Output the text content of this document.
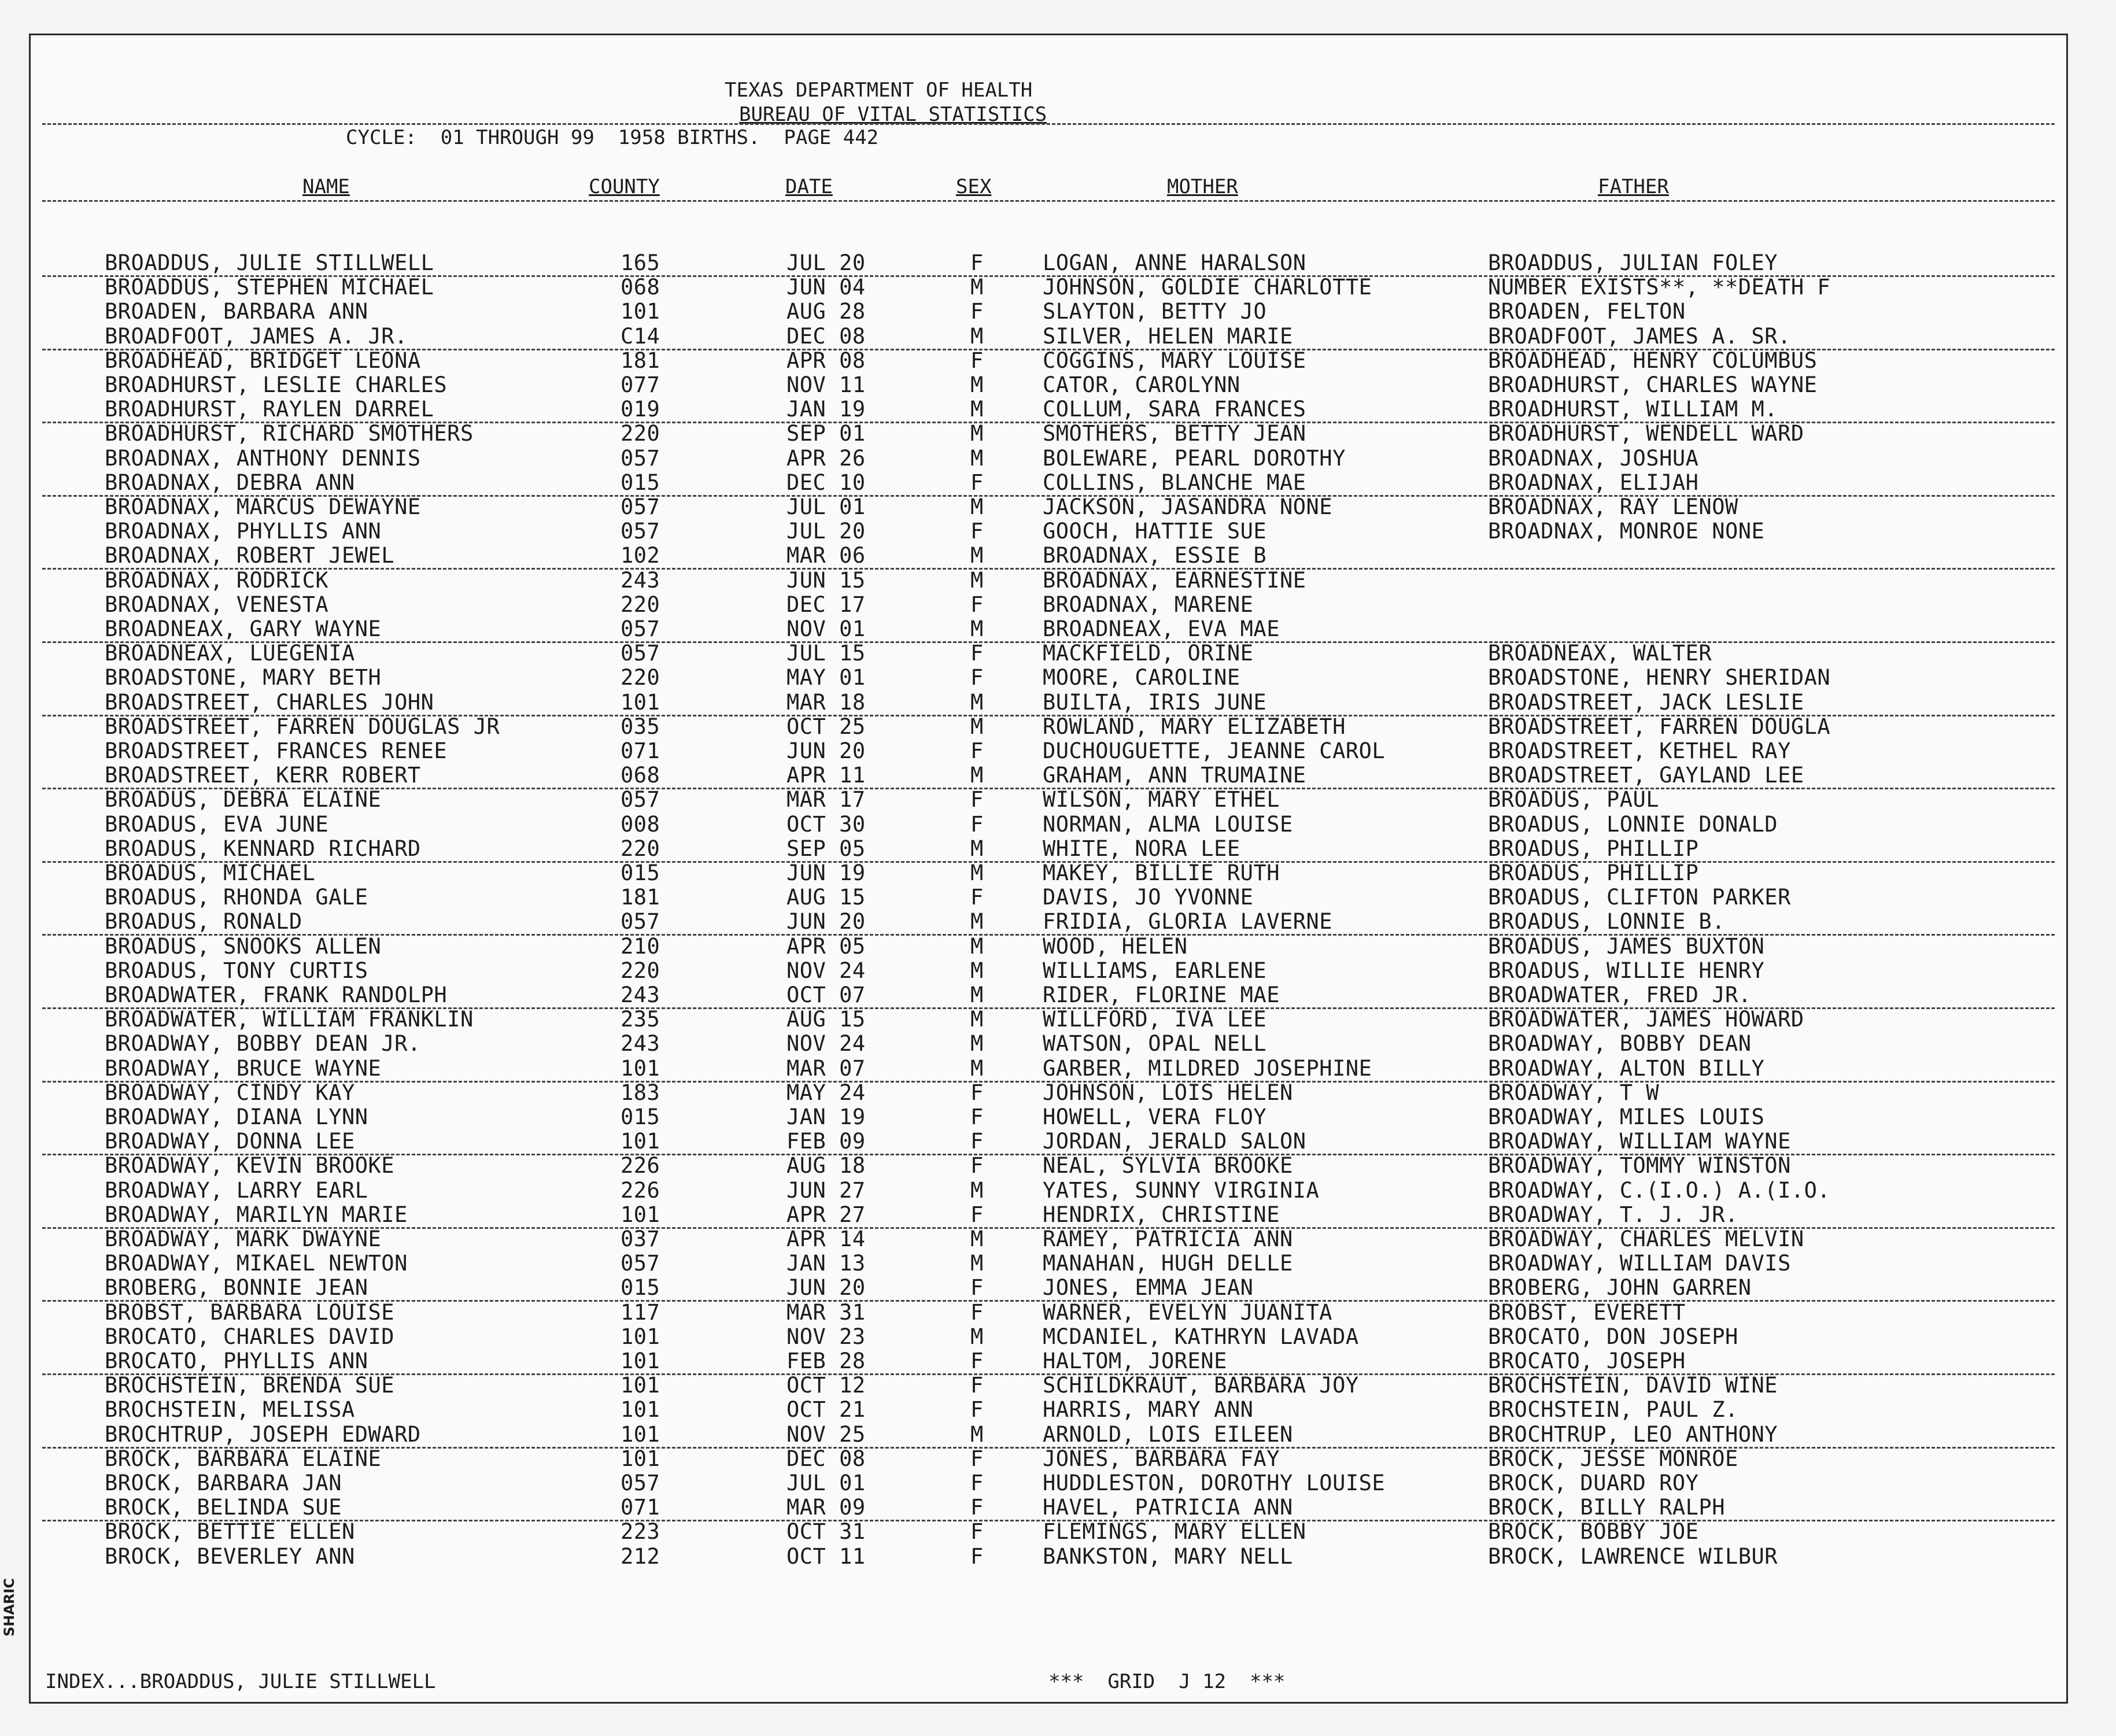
TEXAS DEPARTMENT OF HEALTH
BUREAU OF VITAL STATISTICS
CYCLE:  01 THROUGH 99  1958 BIRTHS.  PAGE 442
NAME	COUNTY	DATE	SEX	MOTHER	FATHER
BROADDUS, JULIE STILLWELL	165	JUL 20	F	LOGAN, ANNE HARALSON	BROADDUS, JULIAN FOLEY
BROADDUS, STEPHEN MICHAEL	068	JUN 04	M	JOHNSON, GOLDIE CHARLOTTE	NUMBER EXISTS**, **DEATH F
BROADEN, BARBARA ANN	101	AUG 28	F	SLAYTON, BETTY JO	BROADEN, FELTON
BROADFOOT, JAMES A. JR.	C14	DEC 08	M	SILVER, HELEN MARIE	BROADFOOT, JAMES A. SR.
BROADHEAD, BRIDGET LEONA	181	APR 08	F	COGGINS, MARY LOUISE	BROADHEAD, HENRY COLUMBUS
BROADHURST, LESLIE CHARLES	077	NOV 11	M	CATOR, CAROLYNN	BROADHURST, CHARLES WAYNE
BROADHURST, RAYLEN DARREL	019	JAN 19	M	COLLUM, SARA FRANCES	BROADHURST, WILLIAM M.
BROADHURST, RICHARD SMOTHERS	220	SEP 01	M	SMOTHERS, BETTY JEAN	BROADHURST, WENDELL WARD
BROADNAX, ANTHONY DENNIS	057	APR 26	M	BOLEWARE, PEARL DOROTHY	BROADNAX, JOSHUA
BROADNAX, DEBRA ANN	015	DEC 10	F	COLLINS, BLANCHE MAE	BROADNAX, ELIJAH
BROADNAX, MARCUS DEWAYNE	057	JUL 01	M	JACKSON, JASANDRA NONE	BROADNAX, RAY LENOW
BROADNAX, PHYLLIS ANN	057	JUL 20	F	GOOCH, HATTIE SUE	BROADNAX, MONROE NONE
BROADNAX, ROBERT JEWEL	102	MAR 06	M	BROADNAX, ESSIE B
BROADNAX, RODRICK	243	JUN 15	M	BROADNAX, EARNESTINE
BROADNAX, VENESTA	220	DEC 17	F	BROADNAX, MARENE
BROADNEAX, GARY WAYNE	057	NOV 01	M	BROADNEAX, EVA MAE
BROADNEAX, LUEGENIA	057	JUL 15	F	MACKFIELD, ORINE	BROADNEAX, WALTER
BROADSTONE, MARY BETH	220	MAY 01	F	MOORE, CAROLINE	BROADSTONE, HENRY SHERIDAN
BROADSTREET, CHARLES JOHN	101	MAR 18	M	BUILTA, IRIS JUNE	BROADSTREET, JACK LESLIE
BROADSTREET, FARREN DOUGLAS JR	035	OCT 25	M	ROWLAND, MARY ELIZABETH	BROADSTREET, FARREN DOUGLA
BROADSTREET, FRANCES RENEE	071	JUN 20	F	DUCHOUGUETTE, JEANNE CAROL	BROADSTREET, KETHEL RAY
BROADSTREET, KERR ROBERT	068	APR 11	M	GRAHAM, ANN TRUMAINE	BROADSTREET, GAYLAND LEE
BROADUS, DEBRA ELAINE	057	MAR 17	F	WILSON, MARY ETHEL	BROADUS, PAUL
BROADUS, EVA JUNE	008	OCT 30	F	NORMAN, ALMA LOUISE	BROADUS, LONNIE DONALD
BROADUS, KENNARD RICHARD	220	SEP 05	M	WHITE, NORA LEE	BROADUS, PHILLIP
BROADUS, MICHAEL	015	JUN 19	M	MAKEY, BILLIE RUTH	BROADUS, PHILLIP
BROADUS, RHONDA GALE	181	AUG 15	F	DAVIS, JO YVONNE	BROADUS, CLIFTON PARKER
BROADUS, RONALD	057	JUN 20	M	FRIDIA, GLORIA LAVERNE	BROADUS, LONNIE B.
BROADUS, SNOOKS ALLEN	210	APR 05	M	WOOD, HELEN	BROADUS, JAMES BUXTON
BROADUS, TONY CURTIS	220	NOV 24	M	WILLIAMS, EARLENE	BROADUS, WILLIE HENRY
BROADWATER, FRANK RANDOLPH	243	OCT 07	M	RIDER, FLORINE MAE	BROADWATER, FRED JR.
BROADWATER, WILLIAM FRANKLIN	235	AUG 15	M	WILLFORD, IVA LEE	BROADWATER, JAMES HOWARD
BROADWAY, BOBBY DEAN JR.	243	NOV 24	M	WATSON, OPAL NELL	BROADWAY, BOBBY DEAN
BROADWAY, BRUCE WAYNE	101	MAR 07	M	GARBER, MILDRED JOSEPHINE	BROADWAY, ALTON BILLY
BROADWAY, CINDY KAY	183	MAY 24	F	JOHNSON, LOIS HELEN	BROADWAY, T W
BROADWAY, DIANA LYNN	015	JAN 19	F	HOWELL, VERA FLOY	BROADWAY, MILES LOUIS
BROADWAY, DONNA LEE	101	FEB 09	F	JORDAN, JERALD SALON	BROADWAY, WILLIAM WAYNE
BROADWAY, KEVIN BROOKE	226	AUG 18	F	NEAL, SYLVIA BROOKE	BROADWAY, TOMMY WINSTON
BROADWAY, LARRY EARL	226	JUN 27	M	YATES, SUNNY VIRGINIA	BROADWAY, C.(I.O.) A.(I.O.
BROADWAY, MARILYN MARIE	101	APR 27	F	HENDRIX, CHRISTINE	BROADWAY, T. J. JR.
BROADWAY, MARK DWAYNE	037	APR 14	M	RAMEY, PATRICIA ANN	BROADWAY, CHARLES MELVIN
BROADWAY, MIKAEL NEWTON	057	JAN 13	M	MANAHAN, HUGH DELLE	BROADWAY, WILLIAM DAVIS
BROBERG, BONNIE JEAN	015	JUN 20	F	JONES, EMMA JEAN	BROBERG, JOHN GARREN
BROBST, BARBARA LOUISE	117	MAR 31	F	WARNER, EVELYN JUANITA	BROBST, EVERETT
BROCATO, CHARLES DAVID	101	NOV 23	M	MCDANIEL, KATHRYN LAVADA	BROCATO, DON JOSEPH
BROCATO, PHYLLIS ANN	101	FEB 28	F	HALTOM, JORENE	BROCATO, JOSEPH
BROCHSTEIN, BRENDA SUE	101	OCT 12	F	SCHILDKRAUT, BARBARA JOY	BROCHSTEIN, DAVID WINE
BROCHSTEIN, MELISSA	101	OCT 21	F	HARRIS, MARY ANN	BROCHSTEIN, PAUL Z.
BROCHTRUP, JOSEPH EDWARD	101	NOV 25	M	ARNOLD, LOIS EILEEN	BROCHTRUP, LEO ANTHONY
BROCK, BARBARA ELAINE	101	DEC 08	F	JONES, BARBARA FAY	BROCK, JESSE MONROE
BROCK, BARBARA JAN	057	JUL 01	F	HUDDLESTON, DOROTHY LOUISE	BROCK, DUARD ROY
BROCK, BELINDA SUE	071	MAR 09	F	HAVEL, PATRICIA ANN	BROCK, BILLY RALPH
BROCK, BETTIE ELLEN	223	OCT 31	F	FLEMINGS, MARY ELLEN	BROCK, BOBBY JOE
BROCK, BEVERLEY ANN	212	OCT 11	F	BANKSTON, MARY NELL	BROCK, LAWRENCE WILBUR
INDEX...BROADDUS, JULIE STILLWELL	***  GRID  J 12  ***
SHARIC
